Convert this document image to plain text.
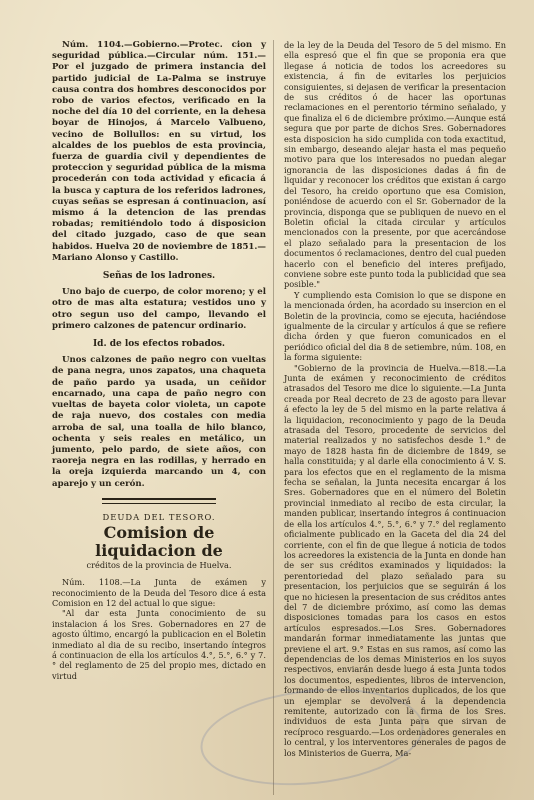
Núm. 1104.—Gobierno.—Protec. cion y seguridad pública.—Circular núm. 151.—Por el juzgado de primera instancia del partido judicial de La-Palma se instruye causa contra dos hombres desconocidos por robo de varios efectos, verificado en la noche del día 10 del corriente, en la dehesa boyar de Hinojos, á Marcelo Valbueno, vecino de Bollullos: en su virtud, los alcaldes de los pueblos de esta provincia, fuerza de guardia civil y dependientes de proteccion y seguridad pública de la misma procederán con toda actividad y eficacia á la busca y captura de los referidos ladrones, cuyas señas se espresan á continuacion, así mismo á la detencion de las prendas robadas; remitiéndolo todo á disposicion del citado juzgado, caso de que sean habidos. Huelva 20 de noviembre de 1851.—Mariano Alonso y Castillo.

Señas de los ladrones.

Uno bajo de cuerpo, de color moreno; y el otro de mas alta estatura; vestidos uno y otro segun uso del campo, llevando el primero calzones de patencur ordinario.

Id. de los efectos robados.

Unos calzones de paño negro con vueltas de pana negra, unos zapatos, una chaqueta de paño pardo ya usada, un ceñidor encarnado, una capa de paño negro con vueltas de bayeta color violeta, un capote de raja nuevo, dos costales con media arroba de sal, una toalla de hilo blanco, ochenta y seis reales en metálico, un jumento, pelo pardo, de siete años, con raoreja negra en las rodillas, y herrado en la oreja izquierda marcando un 4, con aparejo y un cerón.

DEUDA DEL TESORO.
Comision de liquidacion de
créditos de la provincia de Huelva.

Núm. 1108.—La Junta de exámen y reconocimiento de la Deuda del Tesoro dice á esta Comision en 12 del actual lo que sigue:

"Al dar esta Junta conocimiento de su instalacion á los Sres. Gobernadores en 27 de agosto último, encargó la publicacion en el Boletin inmediato al dia de su recibo, insertando íntegros á continuacion de ella los artículos 4.°, 5.°, 6.° y 7.° del reglamento de 25 del propio mes, dictado en virtud

de la ley de la Deuda del Tesoro de 5 del mismo. En ella espresó que el fin que se proponia era que llegase á noticia de todos los acreedores su existencia, á fin de evitarles los perjuicios consiguientes, si dejasen de verificar la presentacion de sus créditos ó de hacer las oportunas reclamaciones en el perentorio término señalado, y que finaliza el 6 de diciembre próximo.—Aunque está segura que por parte de dichos Sres. Gobernadores esta disposicion ha sido cumplida con toda exactitud, sin embargo, deseando alejar hasta el mas pequeño motivo para que los interesados no puedan alegar ignorancia de las disposiciones dadas á fin de liquidar y reconocer los créditos que existan á cargo del Tesoro, ha creido oportuno que esa Comision, poniéndose de acuerdo con el Sr. Gobernador de la provincia, disponga que se publiquen de nuevo en el Boletin oficial la citada circular y artículos mencionados con la presente, por que acercándose el plazo señalado para la presentacion de los documentos ó reclamaciones, dentro del cual pueden hacerlo con el beneficio del interes prefijado, conviene sobre este punto toda la publicidad que sea posible."

Y cumpliendo esta Comision lo que se dispone en la mencionada órden, ha acordado su insercion en el Boletin de la provincia, como se ejecuta, haciéndose igualmente de la circular y artículos á que se refiere dicha órden y que fueron comunicados en el periódico oficial del dia 8 de setiembre, núm. 108, en la forma siguiente:

"Gobierno de la provincia de Huelva.—818.—La Junta de exámen y reconocimiento de créditos atrasados del Tesoro me dice lo siguiente.—La Junta creada por Real decreto de 23 de agosto para llevar á efecto la ley de 5 del mismo en la parte relativa á la liquidacion, reconocimiento y pago de la Deuda atrasada del Tesoro, procedente de servicios del material realizados y no satisfechos desde 1.° de mayo de 1828 hasta fin de diciembre de 1849, se halla constituida; y al darle ella conocimiento á V. S. para los efectos que en el reglamento de la misma fecha se señalan, la Junta necesita encargar á los Sres. Gobernadores que en el número del Boletin provincial inmediato al recibo de esta circular, la manden publicar, insertando íntegros á continuacion de ella los artículos 4.°, 5.°, 6.° y 7.° del reglamento oficialmente publicado en la Gaceta del dia 24 del corriente, con el fin de que llegue á noticia de todos los acreedores la existencia de la Junta en donde han de ser sus créditos examinados y liquidados: la perentoriedad del plazo señalado para su presentacion, los perjuicios que se seguirán á los que no hiciesen la presentacion de sus créditos antes del 7 de diciembre próximo, así como las demas disposiciones tomadas para los casos en estos artículos espresados.—Los Sres. Gobernadores mandarán formar inmediatamente las juntas que previene el art. 9.° Estas en sus ramos, así como las dependencias de los demas Ministerios en los suyos respectivos, enviarán desde luego á esta Junta todos los documentos, espedientes, libros de intervencion, formando de ellos inventarios duplicados, de los que un ejemplar se devolverá á la dependencia remitente, autorizado con la firma de los Sres. individuos de esta Junta para que sirvan de recíproco resguardo.—Los ordenadores generales en lo central, y los interventores generales de pagos de los Ministerios de Guerra, Ma-
